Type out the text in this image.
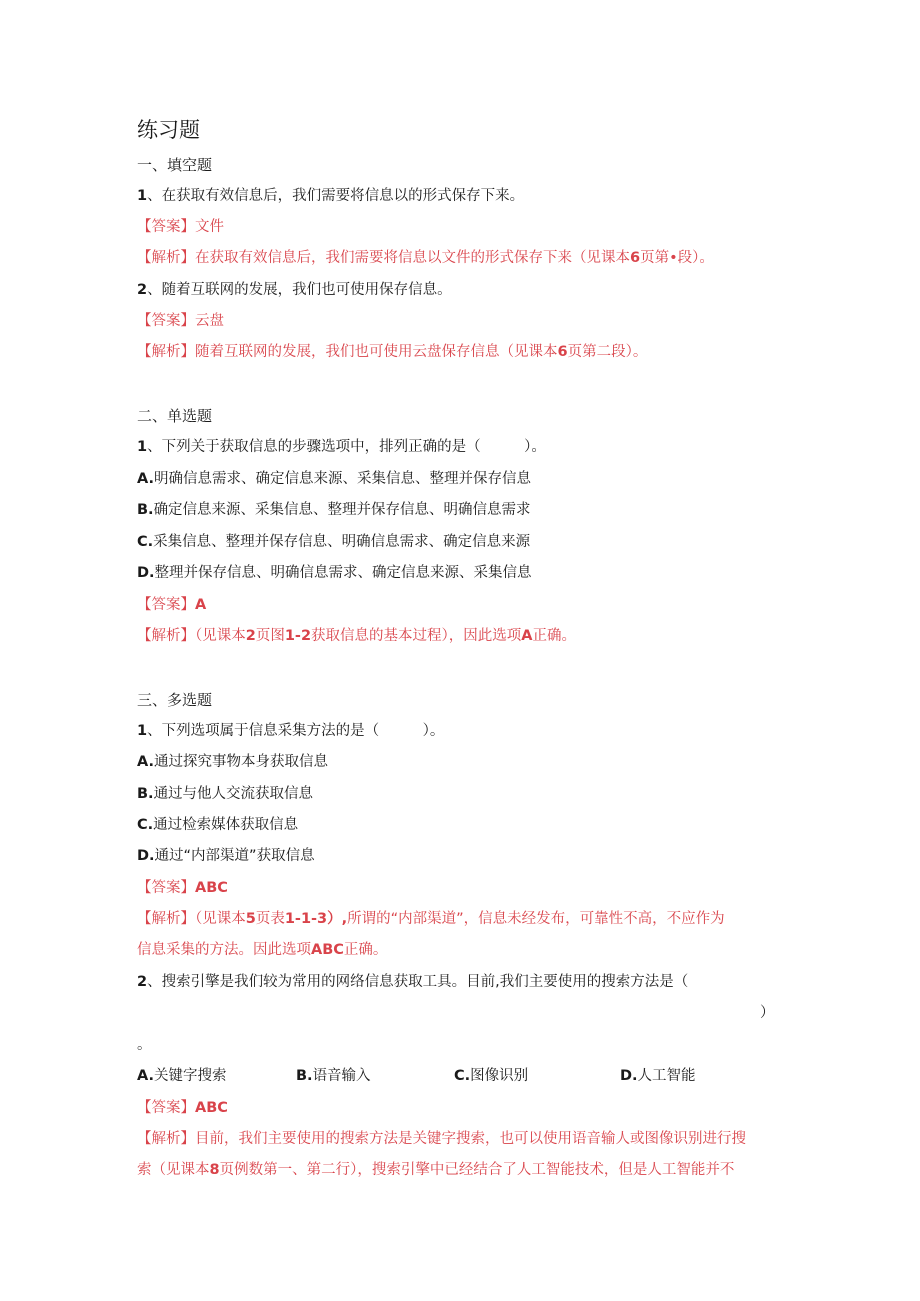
练习题
一、填空题
1、在获取有效信息后，我们需要将信息以的形式保存下来。
【答案】文件
【解析】在获取有效信息后，我们需要将信息以文件的形式保存下来（见课本6页第•段）。
2、随着互联网的发展，我们也可使用保存信息。
【答案】云盘
【解析】随着互联网的发展，我们也可使用云盘保存信息（见课本6页第二段）。
二、单选题
1、下列关于获取信息的步骤选项中，排列正确的是（　　　）。
A.明确信息需求、确定信息来源、采集信息、整理并保存信息
B.确定信息来源、采集信息、整理并保存信息、明确信息需求
C.采集信息、整理并保存信息、明确信息需求、确定信息来源
D.整理并保存信息、明确信息需求、确定信息来源、采集信息
【答案】A
【解析】（见课本2页图1-2获取信息的基本过程），因此选项A正确。
三、多选题
1、下列选项属于信息采集方法的是（　　　）。
A.通过探究事物本身获取信息
B.通过与他人交流获取信息
C.通过检索媒体获取信息
D.通过“内部渠道”获取信息
【答案】ABC
【解析】（见课本5页表1-1-3）,所谓的“内部渠道”，信息未经发布，可靠性不高，不应作为
信息采集的方法。因此选项ABC正确。
2、搜索引擎是我们较为常用的网络信息获取工具。目前,我们主要使用的搜索方法是（
）
。
A.关键字搜索	B.语音输入	C.图像识别	D.人工智能
【答案】ABC
【解析】目前，我们主要使用的搜索方法是关键字搜索，也可以使用语音输人或图像识别进行搜
索（见课本8页例数第一、第二行），搜索引擎中已经结合了人工智能技术，但是人工智能并不
